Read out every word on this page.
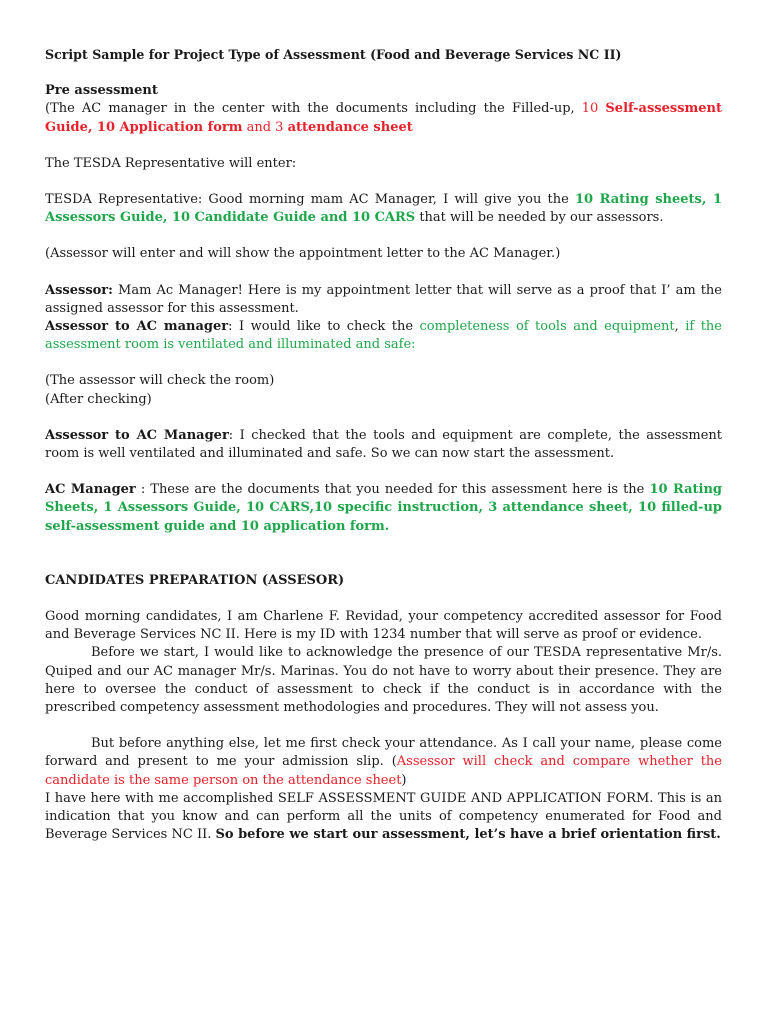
Script Sample for Project Type of Assessment (Food and Beverage Services NC II)

Pre assessment

(The AC manager in the center with the documents including the Filled-up, 10 Self-assessment Guide, 10 Application form and 3 attendance sheet

The TESDA Representative will enter:

TESDA Representative: Good morning mam AC Manager, I will give you the 10 Rating sheets, 1 Assessors Guide, 10 Candidate Guide and 10 CARS that will be needed by our assessors.

(Assessor will enter and will show the appointment letter to the AC Manager.)

Assessor: Mam Ac Manager! Here is my appointment letter that will serve as a proof that I’ am the assigned assessor for this assessment.

Assessor to AC manager: I would like to check the completeness of tools and equipment, if the assessment room is ventilated and illuminated and safe:

(The assessor will check the room)

(After checking)

Assessor to AC Manager: I checked that the tools and equipment are complete, the assessment room is well ventilated and illuminated and safe. So we can now start the assessment.

AC Manager : These are the documents that you needed for this assessment here is the 10 Rating Sheets, 1 Assessors Guide, 10 CARS,10 specific instruction, 3 attendance sheet, 10 filled-up self-assessment guide and 10 application form.

CANDIDATES PREPARATION (ASSESOR)

Good morning candidates, I am Charlene F. Revidad, your competency accredited assessor for Food and Beverage Services NC II. Here is my ID with 1234 number that will serve as proof or evidence.

Before we start, I would like to acknowledge the presence of our TESDA representative Mr/s. Quiped and our AC manager Mr/s. Marinas. You do not have to worry about their presence. They are here to oversee the conduct of assessment to check if the conduct is in accordance with the prescribed competency assessment methodologies and procedures. They will not assess you.

But before anything else, let me first check your attendance. As I call your name, please come forward and present to me your admission slip. (Assessor will check and compare whether the candidate is the same person on the attendance sheet)

I have here with me accomplished SELF ASSESSMENT GUIDE AND APPLICATION FORM. This is an indication that you know and can perform all the units of competency enumerated for Food and Beverage Services NC II. So before we start our assessment, let’s have a brief orientation first.
